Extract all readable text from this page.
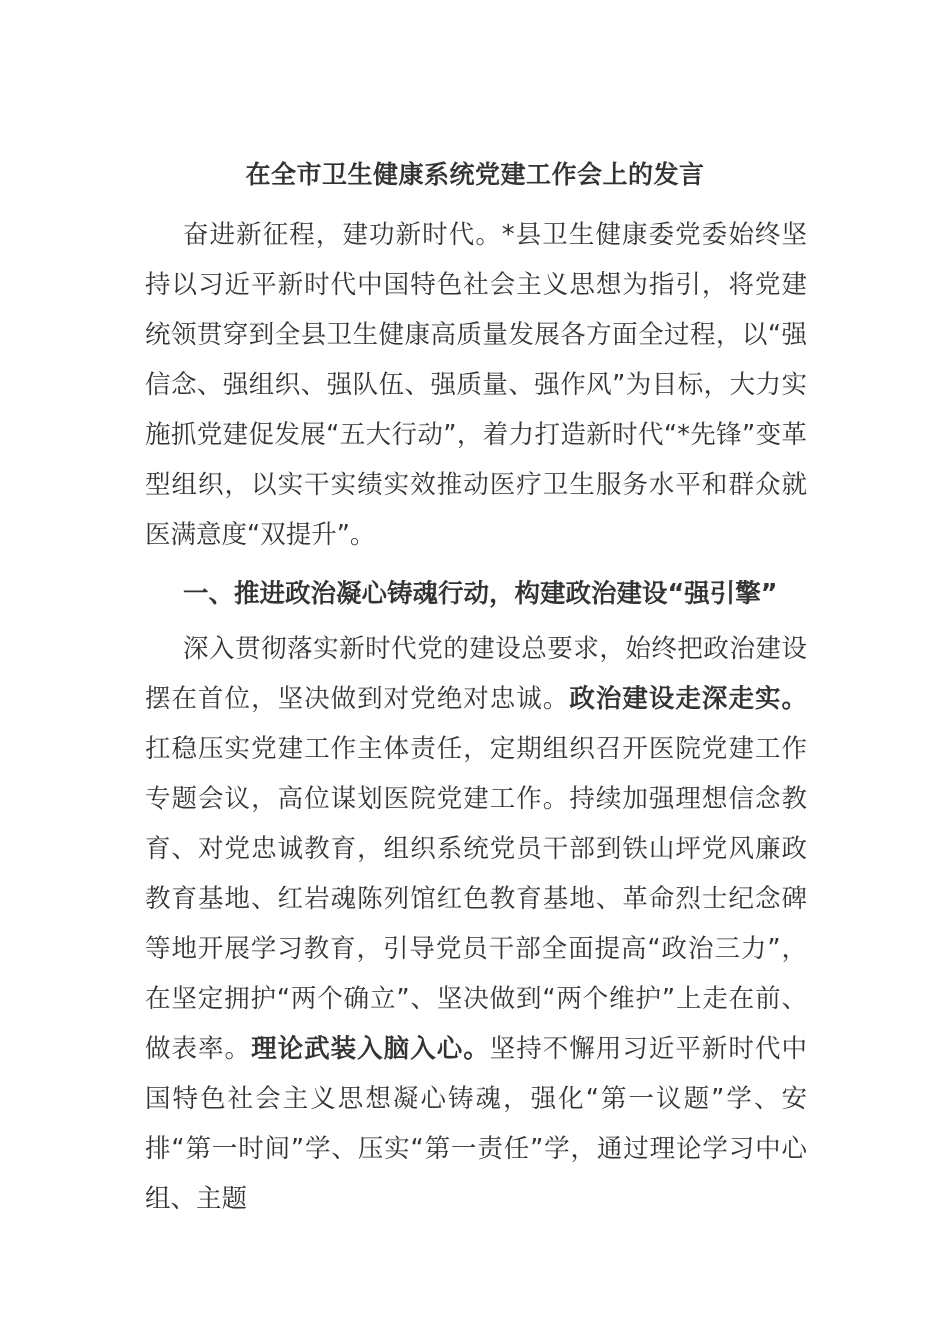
在全市卫生健康系统党建工作会上的发言

奋进新征程，建功新时代。*县卫生健康委党委始终坚持以习近平新时代中国特色社会主义思想为指引，将党建统领贯穿到全县卫生健康高质量发展各方面全过程，以“强信念、强组织、强队伍、强质量、强作风”为目标，大力实施抓党建促发展“五大行动”，着力打造新时代“*先锋”变革型组织，以实干实绩实效推动医疗卫生服务水平和群众就医满意度“双提升”。

一、推进政治凝心铸魂行动，构建政治建设“强引擎”

深入贯彻落实新时代党的建设总要求，始终把政治建设摆在首位，坚决做到对党绝对忠诚。政治建设走深走实。扛稳压实党建工作主体责任，定期组织召开医院党建工作专题会议，高位谋划医院党建工作。持续加强理想信念教育、对党忠诚教育，组织系统党员干部到铁山坪党风廉政教育基地、红岩魂陈列馆红色教育基地、革命烈士纪念碑等地开展学习教育，引导党员干部全面提高“政治三力”，在坚定拥护“两个确立”、坚决做到“两个维护”上走在前、做表率。理论武装入脑入心。坚持不懈用习近平新时代中国特色社会主义思想凝心铸魂，强化“第一议题”学、安排“第一时间”学、压实“第一责任”学，通过理论学习中心组、主题
